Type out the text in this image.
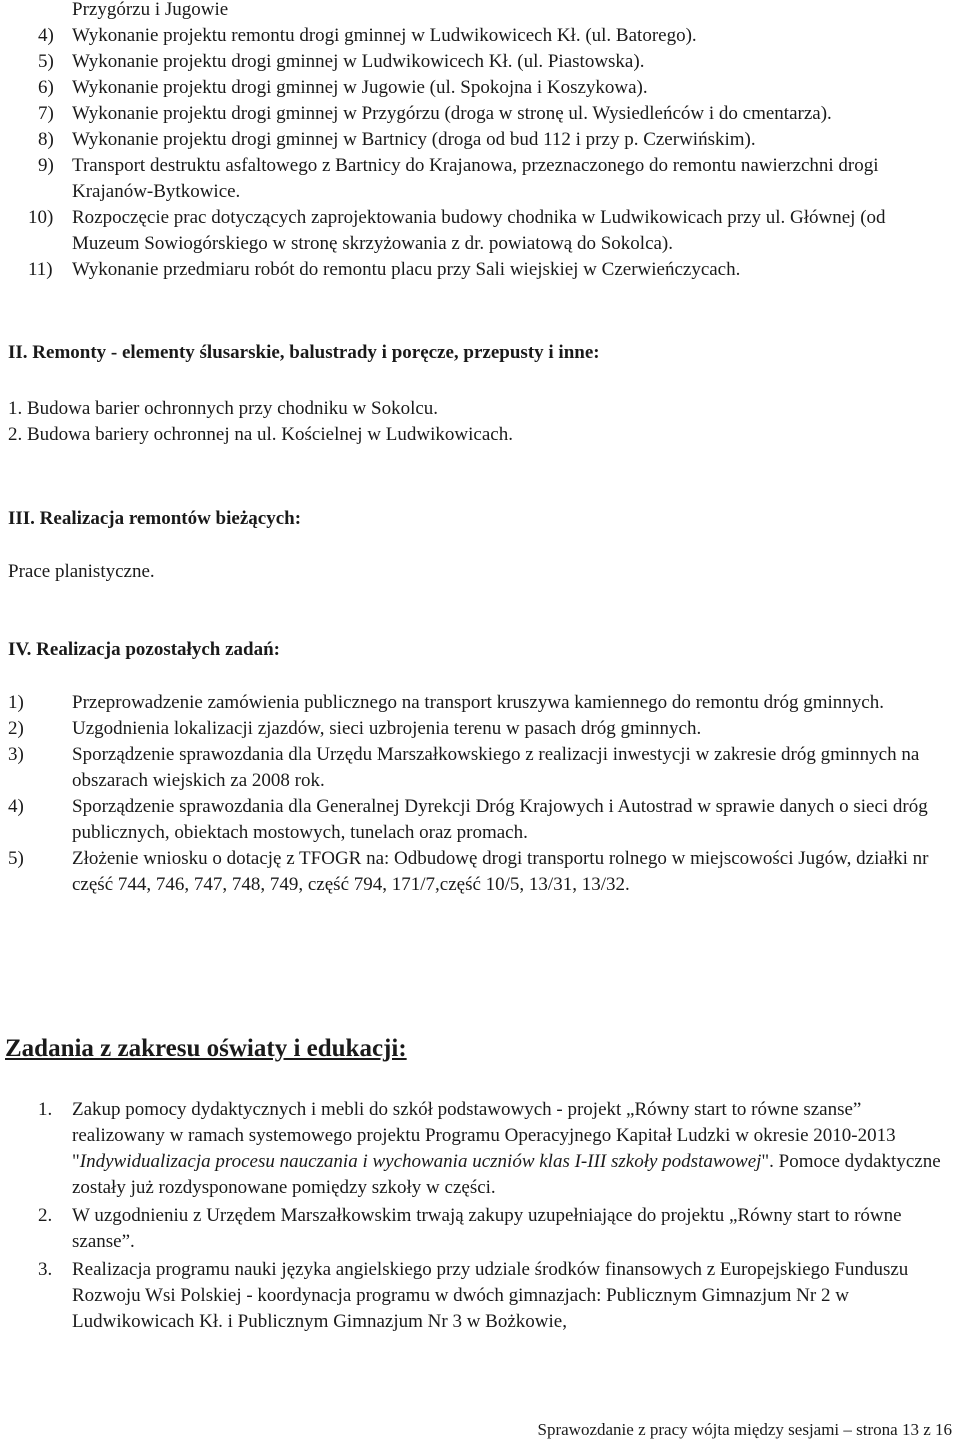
Przygórzu i Jugowie
4) Wykonanie projektu remontu drogi gminnej w Ludwikowicech Kł. (ul. Batorego).
5) Wykonanie projektu drogi gminnej w Ludwikowicech Kł. (ul. Piastowska).
6) Wykonanie projektu drogi gminnej w Jugowie (ul. Spokojna i Koszykowa).
7) Wykonanie projektu drogi gminnej w Przygórzu (droga w stronę ul. Wysiedleńców i do cmentarza).
8) Wykonanie projektu drogi gminnej w Bartnicy (droga od bud 112 i przy p. Czerwińskim).
9) Transport destruktu asfaltowego z Bartnicy do Krajanowa, przeznaczonego do remontu nawierzchni drogi Krajanów-Bytkowice.
10) Rozpoczęcie prac dotyczących zaprojektowania budowy chodnika w Ludwikowicach przy ul. Głównej (od Muzeum Sowiogórskiego w stronę skrzyżowania z dr. powiatową do Sokolca).
11) Wykonanie przedmiaru robót do remontu placu przy Sali wiejskiej w Czerwieńczycach.
II. Remonty - elementy ślusarskie, balustrady i poręcze, przepusty i inne:
1. Budowa barier ochronnych przy chodniku w Sokolcu.
2. Budowa bariery ochronnej na ul. Kościelnej w Ludwikowicach.
III. Realizacja remontów bieżących:
Prace planistyczne.
IV. Realizacja pozostałych zadań:
1)	Przeprowadzenie zamówienia publicznego na transport kruszywa kamiennego do remontu dróg gminnych.
2)	Uzgodnienia lokalizacji zjazdów, sieci uzbrojenia terenu w pasach dróg gminnych.
3)	Sporządzenie sprawozdania dla Urzędu Marszałkowskiego z realizacji inwestycji w zakresie dróg gminnych na obszarach wiejskich za 2008 rok.
4)	Sporządzenie sprawozdania dla Generalnej Dyrekcji Dróg Krajowych i Autostrad w sprawie danych o sieci dróg publicznych, obiektach mostowych, tunelach oraz promach.
5)	Złożenie wniosku o dotację z TFOGR na: Odbudowę drogi transportu rolnego w miejscowości Jugów, działki nr część 744, 746, 747, 748, 749, część 794, 171/7,część 10/5, 13/31, 13/32.
Zadania z zakresu oświaty i edukacji:
1. Zakup pomocy dydaktycznych i mebli do szkół podstawowych - projekt „Równy start to równe szanse” realizowany w ramach systemowego projektu Programu Operacyjnego Kapitał Ludzki w okresie 2010-2013 "Indywidualizacja procesu nauczania i wychowania uczniów klas I-III szkoły podstawowej". Pomoce dydaktyczne zostały już rozdysponowane pomiędzy szkoły w części.
2. W uzgodnieniu z Urzędem Marszałkowskim trwają zakupy uzupełniające do projektu „Równy start to równe szanse”.
3. Realizacja programu nauki języka angielskiego przy udziale środków finansowych z Europejskiego Funduszu Rozwoju Wsi Polskiej - koordynacja programu w dwóch gimnazjach: Publicznym Gimnazjum Nr 2 w Ludwikowicach Kł. i Publicznym Gimnazjum Nr 3 w Bożkowie,
Sprawozdanie z pracy wójta między sesjami – strona 13 z 16
